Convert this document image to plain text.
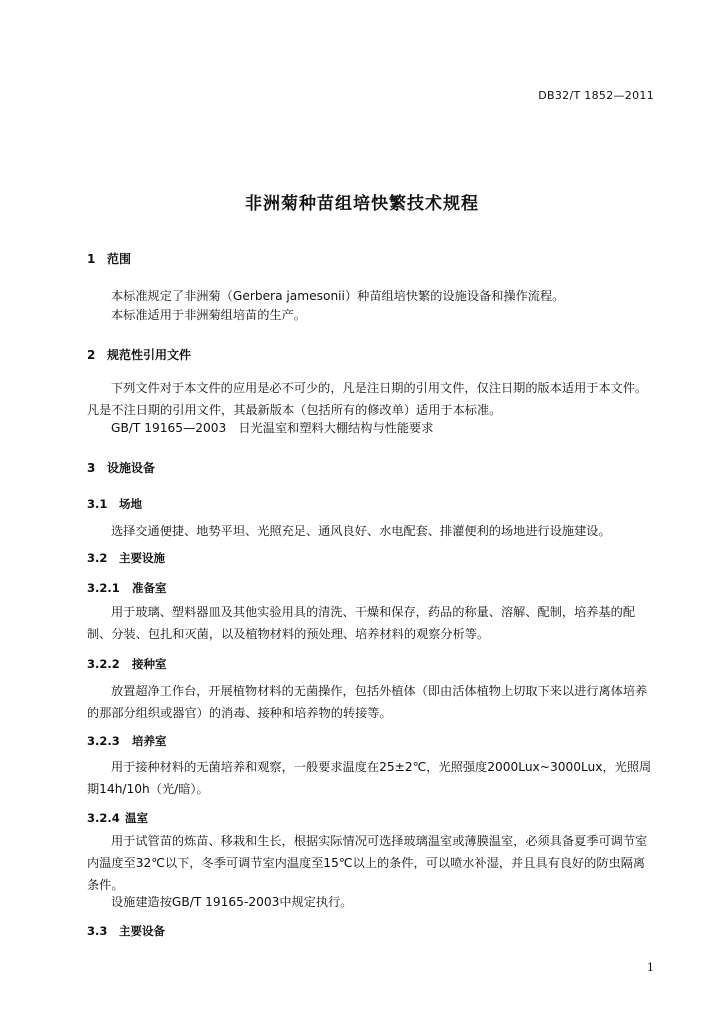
DB32/T 1852—2011
非洲菊种苗组培快繁技术规程
1 范围
本标准规定了非洲菊（Gerbera jamesonii）种苗组培快繁的设施设备和操作流程。
本标准适用于非洲菊组培苗的生产。
2 规范性引用文件
下列文件对于本文件的应用是必不可少的，凡是注日期的引用文件，仅注日期的版本适用于本文件。凡是不注日期的引用文件，其最新版本（包括所有的修改单）适用于本标准。
GB/T 19165—2003　日光温室和塑料大棚结构与性能要求
3 设施设备
3.1 场地
选择交通便捷、地势平坦、光照充足、通风良好、水电配套、排灌便利的场地进行设施建设。
3.2 主要设施
3.2.1 准备室
用于玻璃、塑料器皿及其他实验用具的清洗、干燥和保存，药品的称量、溶解、配制，培养基的配制、分装、包扎和灭菌，以及植物材料的预处理、培养材料的观察分析等。
3.2.2 接种室
放置超净工作台，开展植物材料的无菌操作，包括外植体（即由活体植物上切取下来以进行离体培养的那部分组织或器官）的消毒、接种和培养物的转接等。
3.2.3 培养室
用于接种材料的无菌培养和观察，一般要求温度在25±2℃，光照强度2000Lux~3000Lux，光照周期14h/10h（光/暗）。
3.2.4 温室
用于试管苗的炼苗、移栽和生长，根据实际情况可选择玻璃温室或薄膜温室，必须具备夏季可调节室内温度至32℃以下，冬季可调节室内温度至15℃以上的条件，可以喷水补湿，并且具有良好的防虫隔离条件。
设施建造按GB/T 19165-2003中规定执行。
3.3 主要设备
1
